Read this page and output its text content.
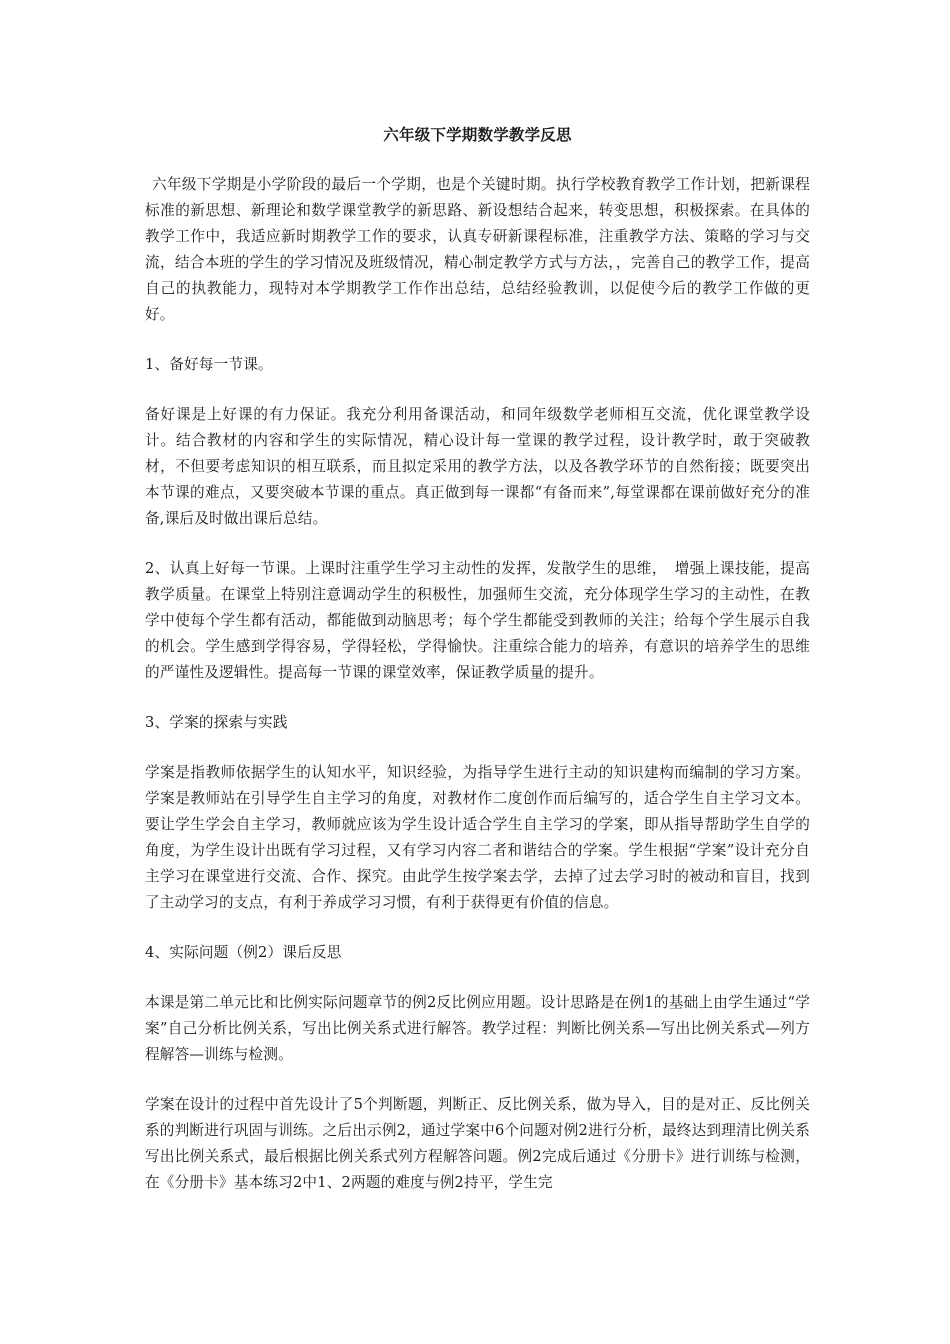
六年级下学期数学教学反思
六年级下学期是小学阶段的最后一个学期，也是个关键时期。执行学校教育教学工作计划，把新课程标准的新思想、新理论和数学课堂教学的新思路、新设想结合起来，转变思想，积极探索。在具体的教学工作中，我适应新时期教学工作的要求，认真专研新课程标准，注重教学方法、策略的学习与交流，结合本班的学生的学习情况及班级情况，精心制定教学方式与方法，，完善自己的教学工作，提高自己的执教能力，现特对本学期教学工作作出总结，总结经验教训，以促使今后的教学工作做的更好。
1、备好每一节课。
备好课是上好课的有力保证。我充分利用备课活动，和同年级数学老师相互交流，优化课堂教学设计。结合教材的内容和学生的实际情况，精心设计每一堂课的教学过程，设计教学时，敢于突破教材，不但要考虑知识的相互联系，而且拟定采用的教学方法，以及各教学环节的自然衔接；既要突出本节课的难点，又要突破本节课的重点。真正做到每一课都“有备而来”,每堂课都在课前做好充分的准备,课后及时做出课后总结。
2、认真上好每一节课。上课时注重学生学习主动性的发挥，发散学生的思维，　增强上课技能，提高教学质量。在课堂上特别注意调动学生的积极性，加强师生交流，充分体现学生学习的主动性，在教学中使每个学生都有活动，都能做到动脑思考；每个学生都能受到教师的关注；给每个学生展示自我的机会。学生感到学得容易，学得轻松，学得愉快。注重综合能力的培养，有意识的培养学生的思维的严谨性及逻辑性。提高每一节课的课堂效率，保证教学质量的提升。
3、学案的探索与实践
学案是指教师依据学生的认知水平，知识经验，为指导学生进行主动的知识建构而编制的学习方案。学案是教师站在引导学生自主学习的角度，对教材作二度创作而后编写的，适合学生自主学习文本。要让学生学会自主学习，教师就应该为学生设计适合学生自主学习的学案，即从指导帮助学生自学的角度，为学生设计出既有学习过程，又有学习内容二者和谐结合的学案。学生根据“学案”设计充分自主学习在课堂进行交流、合作、探究。由此学生按学案去学，去掉了过去学习时的被动和盲目，找到了主动学习的支点，有利于养成学习习惯，有利于获得更有价值的信息。
4、实际问题（例2）课后反思
本课是第二单元比和比例实际问题章节的例2反比例应用题。设计思路是在例1的基础上由学生通过“学案”自己分析比例关系，写出比例关系式进行解答。教学过程：判断比例关系—写出比例关系式—列方程解答—训练与检测。
学案在设计的过程中首先设计了5个判断题，判断正、反比例关系，做为导入，目的是对正、反比例关系的判断进行巩固与训练。之后出示例2，通过学案中6个问题对例2进行分析，最终达到理清比例关系写出比例关系式，最后根据比例关系式列方程解答问题。例2完成后通过《分册卡》进行训练与检测，在《分册卡》基本练习2中1、2两题的难度与例2持平，学生完
